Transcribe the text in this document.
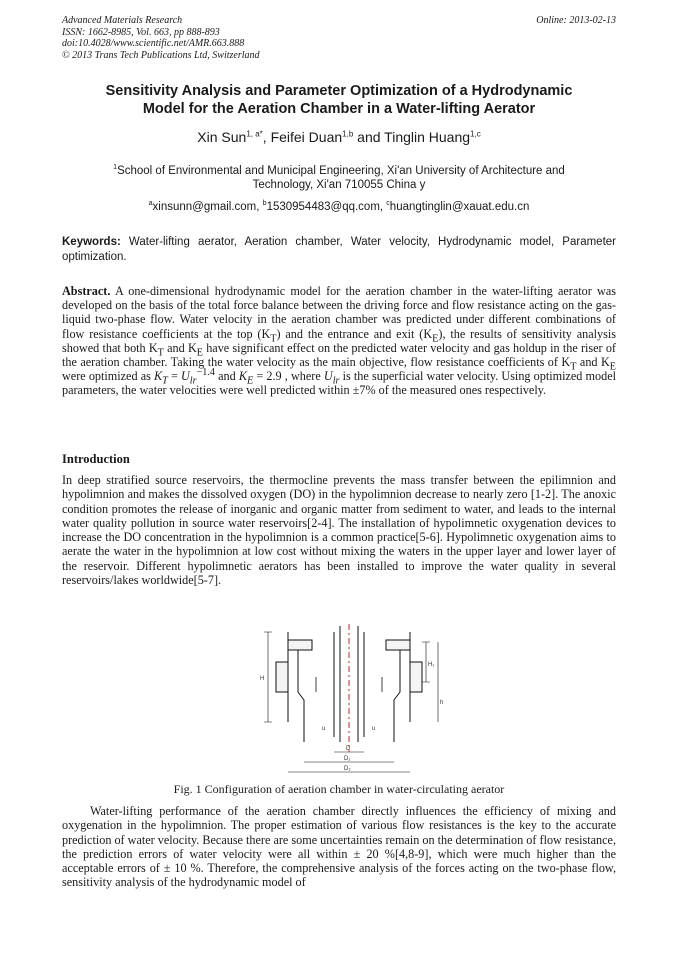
Advanced Materials Research
ISSN: 1662-8985, Vol. 663, pp 888-893
doi:10.4028/www.scientific.net/AMR.663.888
© 2013 Trans Tech Publications Ltd, Switzerland
Online: 2013-02-13
Sensitivity Analysis and Parameter Optimization of a Hydrodynamic
Model for the Aeration Chamber in a Water-lifting Aerator
Xin Sun$^{1, a*}$, Feifei Duan$^{1,b}$ and Tinglin Huang$^{1,c}$
$^1$School of Environmental and Municipal Engineering, Xi'an University of Architecture and
Technology, Xi'an 710055 China y
$^a$xinsunn@gmail.com, $^b$1530954483@qq.com, $^c$huangtinglin@xauat.edu.cn
Keywords: Water-lifting aerator, Aeration chamber, Water velocity, Hydrodynamic model, Parameter optimization.
Abstract. A one-dimensional hydrodynamic model for the aeration chamber in the water-lifting aerator was developed on the basis of the total force balance between the driving force and flow resistance acting on the gas-liquid two-phase flow. Water velocity in the aeration chamber was predicted under different combinations of flow resistance coefficients at the top $(K_T)$ and the entrance and exit $(K_E)$, the results of sensitivity analysis showed that both $K_T$ and $K_E$ have significant effect on the predicted water velocity and gas holdup in the riser of the aeration chamber. Taking the water velocity as the main objective, flow resistance coefficients of $K_T$ and $K_E$ were optimized as $K_T = U_{lr}^{-1.4}$ and $K_E = 2.9$ , where $U_{lr}$ is the superficial water velocity. Using optimized model parameters, the water velocities were well predicted within ±7% of the measured ones respectively.
Introduction
In deep stratified source reservoirs, the thermocline prevents the mass transfer between the epilimnion and hypolimnion and makes the dissolved oxygen (DO) in the hypolimnion decrease to nearly zero [1-2]. The anoxic condition promotes the release of inorganic and organic matter from sediment to water, and leads to the internal water quality pollution in source water reservoirs[2-4]. The installation of hypolimnetic oxygenation devices to increase the DO concentration in the hypolimnion is a common practice[5-6]. Hypolimnetic oxygenation aims to aerate the water in the hypolimnion at low cost without mixing the waters in the upper layer and lower layer of the reservoir. Different hypolimnetic aerators has been installed to improve the water quality in several reservoirs/lakes worldwide[5-7].
H
H₁
h
D
D₁
D₂
u	u
Fig. 1 Configuration of aeration chamber in water-circulating aerator
Water-lifting performance of the aeration chamber directly influences the efficiency of mixing and oxygenation in the hypolimnion. The proper estimation of various flow resistances is the key to the accurate prediction of water velocity. Because there are some uncertainties remain on the determination of flow resistance, the prediction errors of water velocity were all within ± 20 %[4,8-9], which were much higher than the acceptable errors of ± 10 %. Therefore, the comprehensive analysis of the forces acting on the two-phase flow, sensitivity analysis of the hydrodynamic model of
